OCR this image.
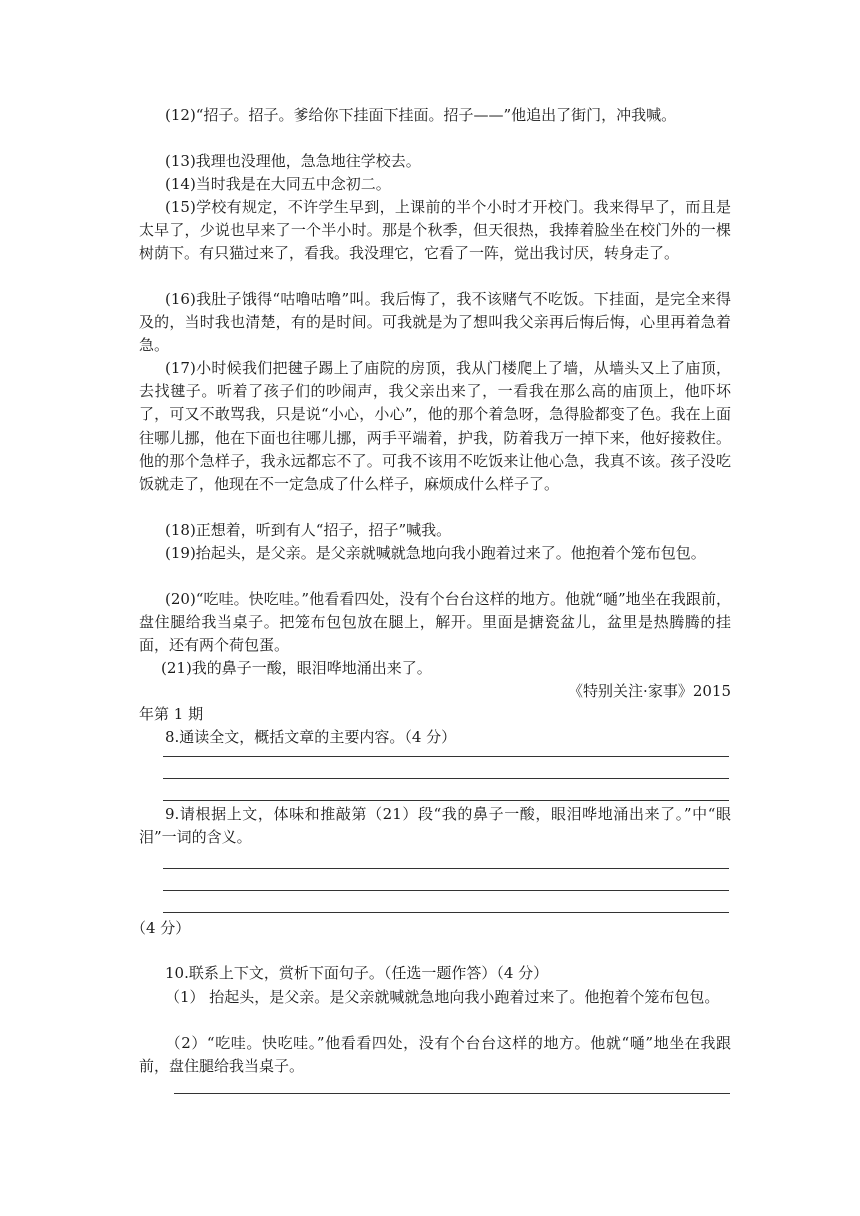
(12)“招子。招子。爹给你下挂面下挂面。招子——”他追出了街门，冲我喊。

(13)我理也没理他，急急地往学校去。

(14)当时我是在大同五中念初二。

(15)学校有规定，不许学生早到，上课前的半个小时才开校门。我来得早了，而且是太早了，少说也早来了一个半小时。那是个秋季，但天很热，我捧着脸坐在校门外的一棵树荫下。有只猫过来了，看我。我没理它，它看了一阵，觉出我讨厌，转身走了。

(16)我肚子饿得“咕噜咕噜”叫。我后悔了，我不该赌气不吃饭。下挂面，是完全来得及的，当时我也清楚，有的是时间。可我就是为了想叫我父亲再后悔后悔，心里再着急着急。

(17)小时候我们把毽子踢上了庙院的房顶，我从门楼爬上了墙，从墙头又上了庙顶，去找毽子。听着了孩子们的吵闹声，我父亲出来了，一看我在那么高的庙顶上，他吓坏了，可又不敢骂我，只是说“小心，小心”，他的那个着急呀，急得脸都变了色。我在上面往哪儿挪，他在下面也往哪儿挪，两手平端着，护我，防着我万一掉下来，他好接救住。他的那个急样子，我永远都忘不了。可我不该用不吃饭来让他心急，我真不该。孩子没吃饭就走了，他现在不一定急成了什么样子，麻烦成什么样子了。

(18)正想着，听到有人“招子，招子”喊我。

(19)抬起头，是父亲。是父亲就喊就急地向我小跑着过来了。他抱着个笼布包包。

(20)“吃哇。快吃哇。”他看看四处，没有个台台这样的地方。他就“嗵”地坐在我跟前，盘住腿给我当桌子。把笼布包包放在腿上，解开。里面是搪瓷盆儿，盆里是热腾腾的挂面，还有两个荷包蛋。

(21)我的鼻子一酸，眼泪哗地涌出来了。

《特别关注·家事》2015

年第 1 期

8.通读全文，概括文章的主要内容。（4 分）

9.请根据上文，体味和推敲第（21）段“我的鼻子一酸，眼泪哗地涌出来了。”中“眼泪”一词的含义。

（4 分）

10.联系上下文，赏析下面句子。（任选一题作答）（4 分）

（1） 抬起头，是父亲。是父亲就喊就急地向我小跑着过来了。他抱着个笼布包包。

（2）“吃哇。快吃哇。”他看看四处，没有个台台这样的地方。他就“嗵”地坐在我跟前，盘住腿给我当桌子。
